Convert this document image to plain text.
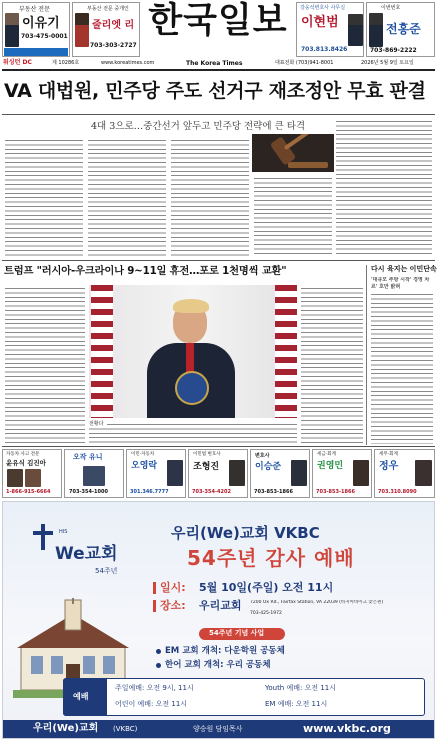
부동산 전문
이유기
703-475-0001
부동산 전문 중개인
줄리엣 리
703-303-2727
한국일보	강웅석변호사 사무실
이현범
703.813.8426
이번번호
전홍준
703-869-2222
워싱턴 DC	제 10286호	www.koreatimes.com	The Korea Times	대표전화 (703)941-8001	2026년 5월 9일 토요일
VA 대법원, 민주당 주도 선거구 재조정안 무효 판결
4대 3으로…중간선거 앞두고 민주당 전략에 큰 타격
트럼프 "러시아-우크라이나 9~11일 휴전…포로 1천명씩 교환"
전황다
다시 육지는 이민단속
'대규모 추방 시작' 경영 차르' 호만 밝혀
자동차 사고 전문
윤유식 김진아
1-866-915-6664
오작 유니
703-354-1000
이민·자동차
오영락
301.346.7777
이민법 변호사
조형진
703-354-4202
변호사
이승준
703-853-1866
세금·회계
권영민
703-853-1866
세무·회계
정우
703.310.8090
HIS
We교회
54주년
우리(We)교회 VKBC
54주년 감사 예배
일시: 5월 10일(주일) 오전 11시
장소: 우리교회 7200 Ox Rd., Fairfax Station, VA 22039 (바지아바이크 맞은편)
703-425-1972
54주년 기념 사업
EM 교회 개척: 다운학원 공동체
한어 교회 개척: 우리 공동체
예배
주일예배: 오전 9시, 11시	Youth 예배: 오전 11시
어린이 예배: 오전 11시	EM 예배: 오전 11시
우리(We)교회 (VKBC)	양승원 담임목사	www.vkbc.org
